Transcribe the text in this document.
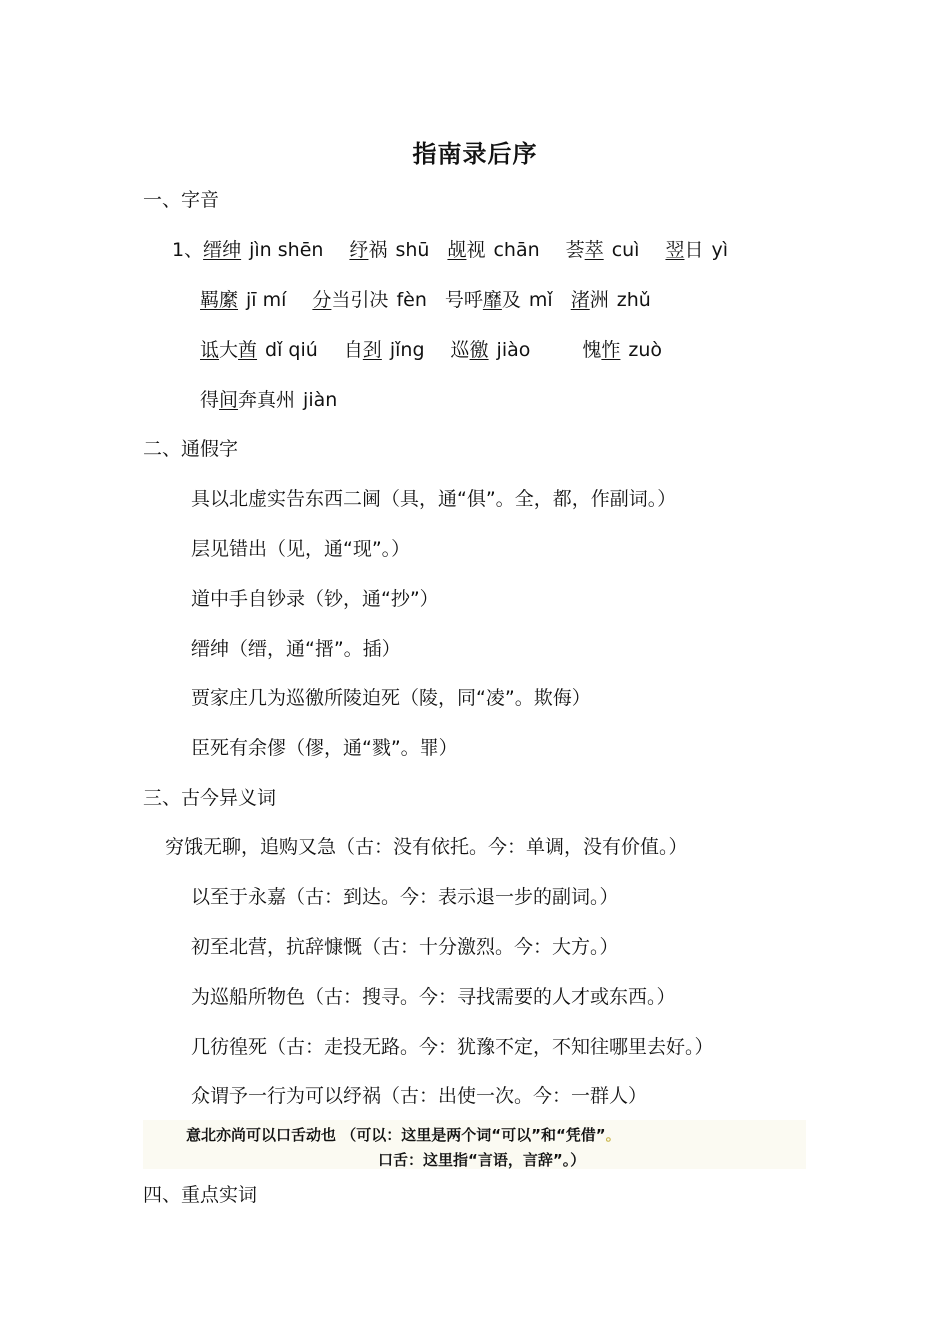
指南录后序
一、字音
1、缙绅 jìn shēn 纾祸 shū 觇视 chān 荟萃 cuì 翌日 yì
羁縻 jī mí 分当引决 fèn 号呼靡及 mǐ 渚洲 zhǔ
诋大酋 dǐ qiú 自刭 jǐng 巡徼 jiào	愧怍 zuò
得间奔真州 jiàn
二、通假字
具以北虚实告东西二阃（具，通“俱”。全，都，作副词。）
层见错出（见，通“现”。）
道中手自钞录（钞，通“抄”）
缙绅（缙，通“搢”。插）
贾家庄几为巡徼所陵迫死（陵，同“凌”。欺侮）
臣死有余僇（僇，通“戮”。罪）
三、古今异义词
穷饿无聊，追购又急（古：没有依托。今：单调，没有价值。）
以至于永嘉（古：到达。今：表示退一步的副词。）
初至北营，抗辞慷慨（古：十分激烈。今：大方。）
为巡船所物色（古：搜寻。今：寻找需要的人才或东西。）
几彷徨死（古：走投无路。今：犹豫不定，不知往哪里去好。）
众谓予一行为可以纾祸（古：出使一次。今：一群人）
意北亦尚可以口舌动也 （可以：这里是两个词“可以”和“凭借”。
口舌：这里指“言语，言辞”。）
四、重点实词
